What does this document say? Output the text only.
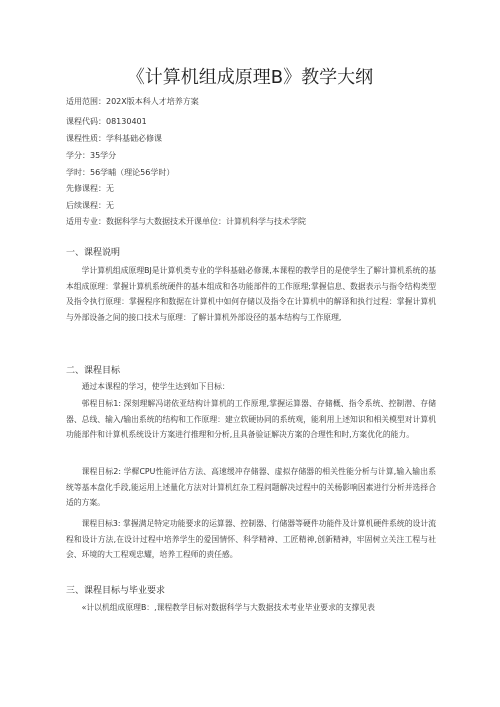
《计算机组成原理B》教学大纲
适用范围：202X版本科人才培养方案
课程代码：08130401
课程性质：学科基础必修课
学分：35学分
学时：56学晡（理论56学时）
先修课程：无
后续课程：无
适用专业：数据科学与大数据技术开课单位：计算机科学与技术学院
一、课程说明

学计算机组成原理BJ是计算机类专业的学科基础必修课,本课程的教学目的是使学生了解计算机系统的基本组成原理：掌握计算机系统硬件的基本组成和各功能部件的工作原理;掌握信息、数据表示与指令结构类型及指令执行原理：掌握程序和数据在计算机中如何存储以及指令在计算机中的解译和执行过程：掌握计算机与外部设备之间的接口技术与原理：了解计算机外部设径的基本结构与工作原理,

二、课程目标

通过本课程的学习，使学生达到如下目标：

邨程目标1: 深刻理解冯诺依亚结构计算机的工作原理,掌握运算器、存储概、指令系统、控制潜、存储器、总线、输入/输出系统的结构和工作原理：建立软硬协同的系统观，能利用上述知识和相关模型对计算机功能部件和计算机系统设计方案进行推理和分析,且具备验证解决方案的合理性和时,方案优化的能力。

课程目标2: 学樨CPU性能评估方法、高速缓冲存储器、虚拟存储器的相关性能分析与计算,输入输出系统等基本盘化手段,能运用上述量化方法对计算机红杂工程问题解决过程中的关杨影响因素进行分析并选择合适的方案。

课程目标3: 掌握满足特定功能要求的运算器、控制器、行储器等硬件功能件及计算机硬件系统的设计流程和设计方法,在设计过程中培养学生的爱国情怀、科学精神、工匠精神,创新精神，牢固树立关注工程与社会、环境的大工程观忠耀，培养工程师的责任感。

三、课程目标与毕业要求

«计以机组成原理B：,课程教学目标对数据科学与大数据技术考业毕业要求的支撑见表
